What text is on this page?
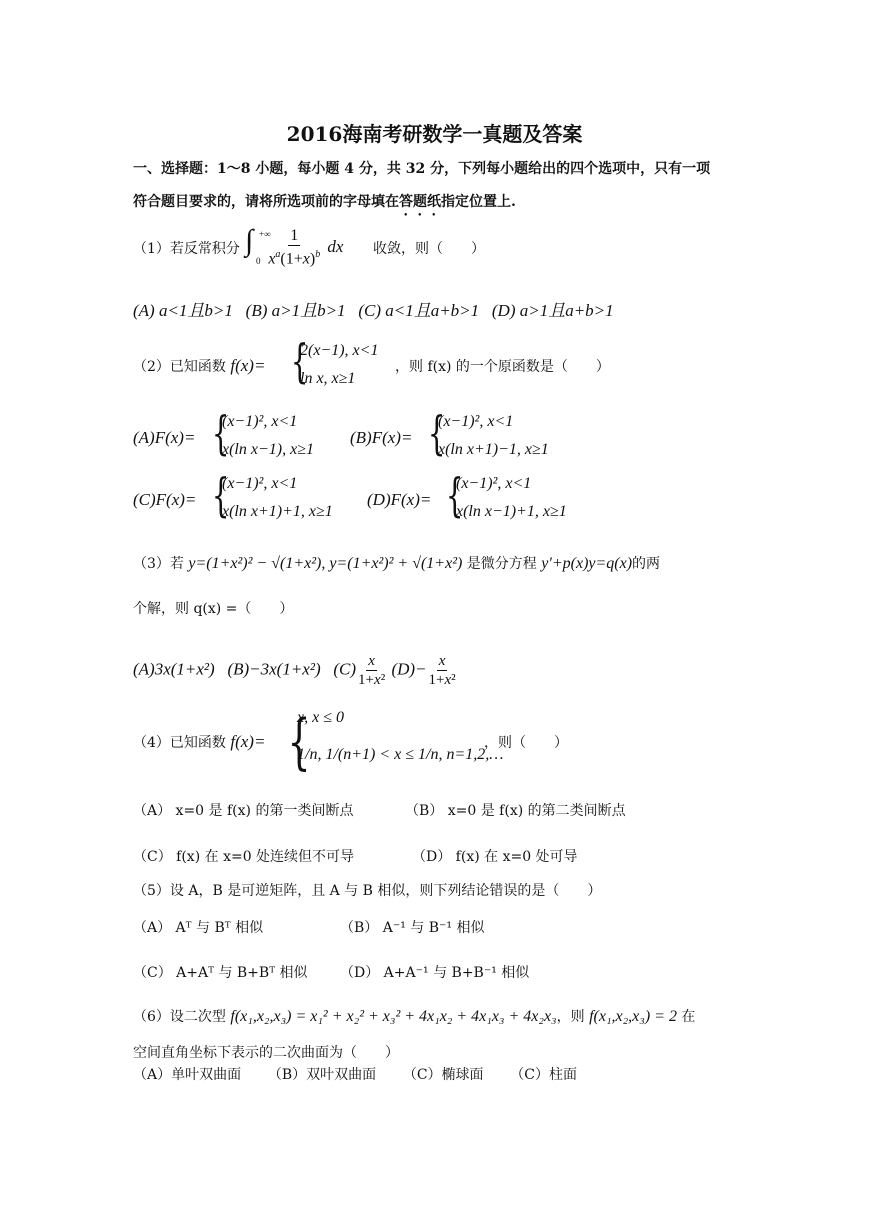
2016海南考研数学一真题及答案
一、选择题：1～8 小题，每小题 4 分，共 32 分，下列每小题给出的四个选项中，只有一项
符合题目要求的，请将所选项前的字母填在答题纸指定位置上.
（1）若反常积分 ∫ +∞
0
$\frac{1}{x^a(1+x)^b}$ dx 收敛，则（　　）
(A) a<1且b>1 (B) a>1且b>1 (C) a<1且a+b>1 (D) a>1且a+b>1
（2）已知函数 f(x)= {
2(x−1), x<1
ln x, x≥1
，则 f(x) 的一个原函数是（　　）
(A)F(x)= {
(x−1)², x<1
x(ln x−1), x≥1
(B)F(x)= {
(x−1)², x<1
x(ln x+1)−1, x≥1
(C)F(x)= {
(x−1)², x<1
x(ln x+1)+1, x≥1
(D)F(x)= {
(x−1)², x<1
x(ln x−1)+1, x≥1
（3）若 y=(1+x²)² − √(1+x²), y=(1+x²)² + √(1+x²) 是微分方程 y′+p(x)y=q(x)的两
个解，则 q(x) =（　　）
(A)3x(1+x²) (B)−3x(1+x²) $(C) \frac{x}{\text{1+x²}} (D)- \frac{x}{\text{1+x²}}$
（4）已知函数 f(x)= {
x, x ≤ 0
1/n, 1/(n+1) < x ≤ 1/n, n=1,2,…
，则（　　）
（A） x=0 是 f(x) 的第一类间断点	（B） x=0 是 f(x) 的第二类间断点
（C） f(x) 在 x=0 处连续但不可导	（D） f(x) 在 x=0 处可导
（5）设 A，B 是可逆矩阵，且 A 与 B 相似，则下列结论错误的是（　　）
（A） Aᵀ 与 Bᵀ 相似	（B） A⁻¹ 与 B⁻¹ 相似
（C） A+Aᵀ 与 B+Bᵀ 相似 （D） A+A⁻¹ 与 B+B⁻¹ 相似
（6）设二次型 f(x₁,x₂,x₃) = x₁² + x₂² + x₃² + 4x₁x₂ + 4x₁x₃ + 4x₂x₃，则 f(x₁,x₂,x₃) = 2 在
空间直角坐标下表示的二次曲面为（　　）
（A）单叶双曲面 （B）双叶双曲面 （C）椭球面 （C）柱面
